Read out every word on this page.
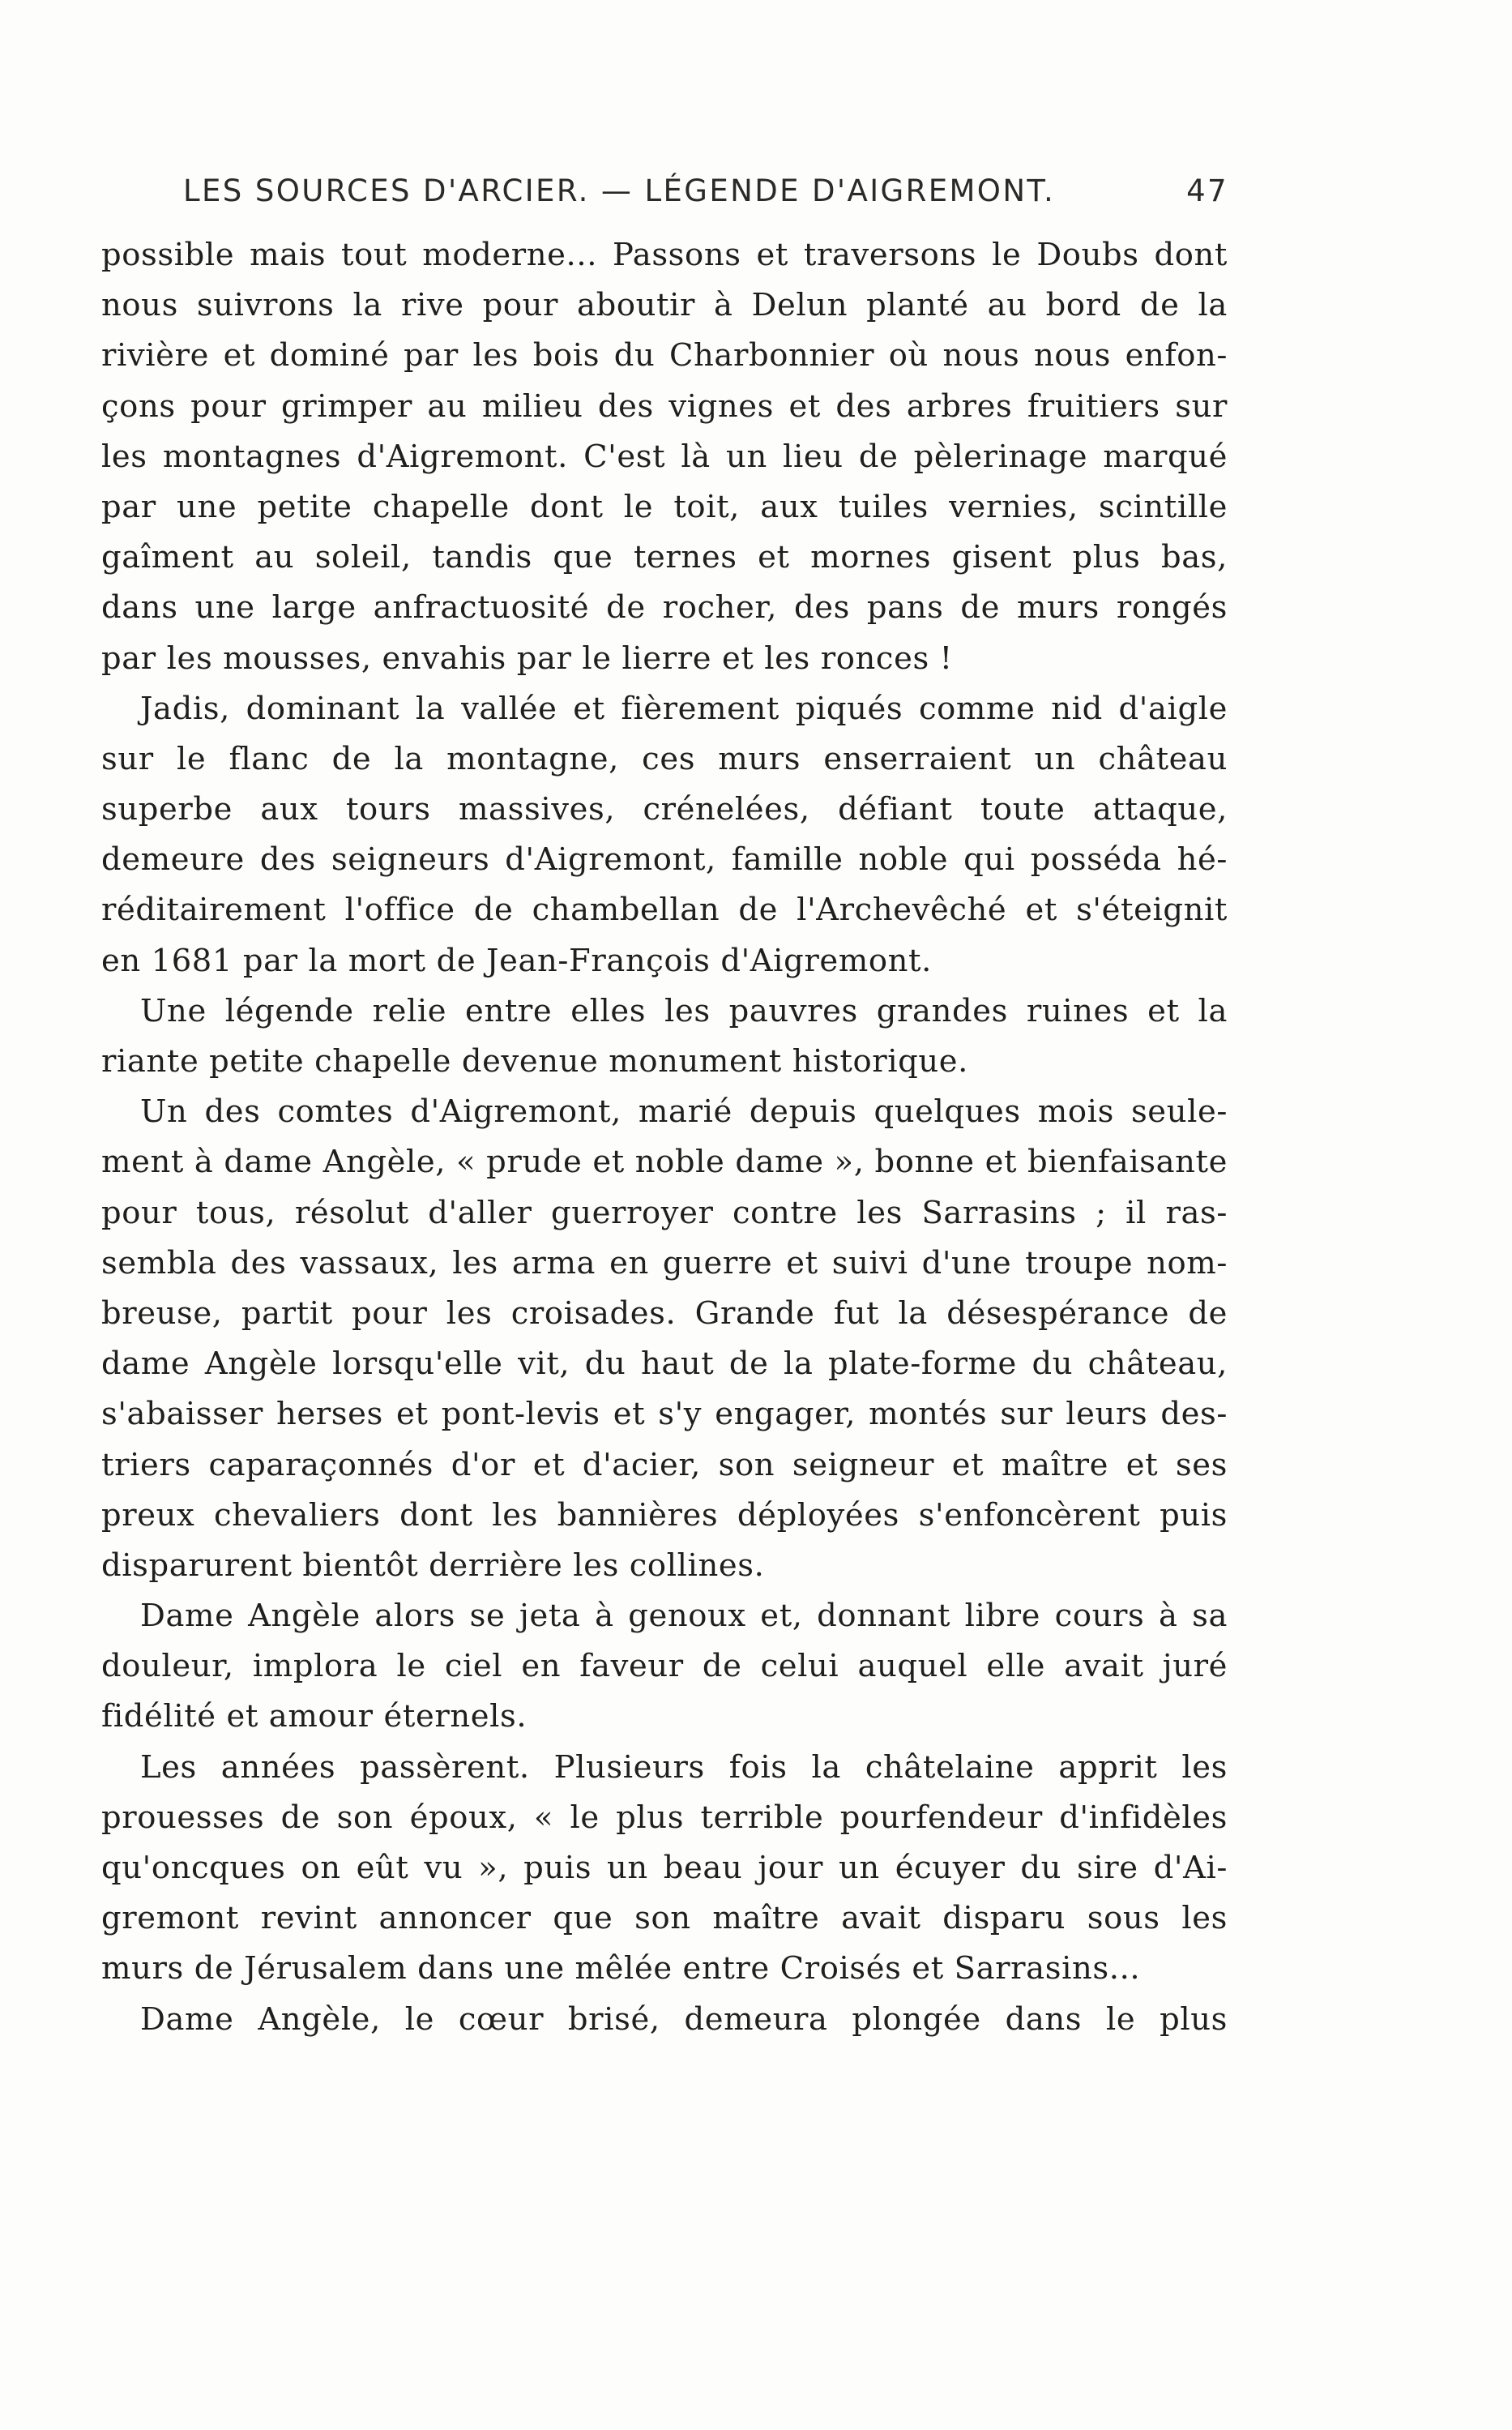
LES SOURCES D'ARCIER. — LÉGENDE D'AIGREMONT.	47
possible mais tout moderne... Passons et traversons le Doubs dont
nous suivrons la rive pour aboutir à Delun planté au bord de la
rivière et dominé par les bois du Charbonnier où nous nous enfon-
çons pour grimper au milieu des vignes et des arbres fruitiers sur
les montagnes d'Aigremont. C'est là un lieu de pèlerinage marqué
par une petite chapelle dont le toit, aux tuiles vernies, scintille
gaîment au soleil, tandis que ternes et mornes gisent plus bas,
dans une large anfractuosité de rocher, des pans de murs rongés
par les mousses, envahis par le lierre et les ronces !
Jadis, dominant la vallée et fièrement piqués comme nid d'aigle
sur le flanc de la montagne, ces murs enserraient un château
superbe aux tours massives, crénelées, défiant toute attaque,
demeure des seigneurs d'Aigremont, famille noble qui posséda hé-
réditairement l'office de chambellan de l'Archevêché et s'éteignit
en 1681 par la mort de Jean-François d'Aigremont.
Une légende relie entre elles les pauvres grandes ruines et la
riante petite chapelle devenue monument historique.
Un des comtes d'Aigremont, marié depuis quelques mois seule-
ment à dame Angèle, « prude et noble dame », bonne et bienfaisante
pour tous, résolut d'aller guerroyer contre les Sarrasins ; il ras-
sembla des vassaux, les arma en guerre et suivi d'une troupe nom-
breuse, partit pour les croisades. Grande fut la désespérance de
dame Angèle lorsqu'elle vit, du haut de la plate-forme du château,
s'abaisser herses et pont-levis et s'y engager, montés sur leurs des-
triers caparaçonnés d'or et d'acier, son seigneur et maître et ses
preux chevaliers dont les bannières déployées s'enfoncèrent puis
disparurent bientôt derrière les collines.
Dame Angèle alors se jeta à genoux et, donnant libre cours à sa
douleur, implora le ciel en faveur de celui auquel elle avait juré
fidélité et amour éternels.
Les années passèrent. Plusieurs fois la châtelaine apprit les
prouesses de son époux, « le plus terrible pourfendeur d'infidèles
qu'oncques on eût vu », puis un beau jour un écuyer du sire d'Ai-
gremont revint annoncer que son maître avait disparu sous les
murs de Jérusalem dans une mêlée entre Croisés et Sarrasins...
Dame Angèle, le cœur brisé, demeura plongée dans le plus
